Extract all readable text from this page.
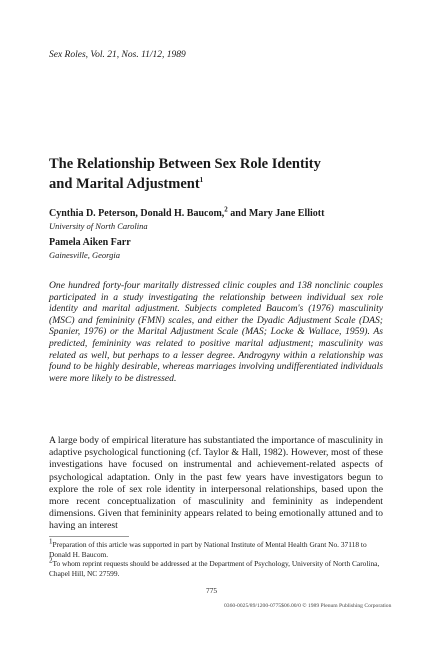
Sex Roles, Vol. 21, Nos. 11/12, 1989
The Relationship Between Sex Role Identity
and Marital Adjustment$^1$
Cynthia D. Peterson, Donald H. Baucom,$^2$ and Mary Jane Elliott
University of North Carolina
Pamela Aiken Farr
Gainesville, Georgia

One hundred forty-four maritally distressed clinic couples and 138 nonclinic couples participated in a study investigating the relationship between individual sex role identity and marital adjustment. Subjects completed Baucom's (1976) masculinity (MSC) and femininity (FMN) scales, and either the Dyadic Adjustment Scale (DAS; Spanier, 1976) or the Marital Adjustment Scale (MAS; Locke & Wallace, 1959). As predicted, femininity was related to positive marital adjustment; masculinity was related as well, but perhaps to a lesser degree. Androgyny within a relationship was found to be highly desirable, whereas marriages involving undifferentiated individuals were more likely to be distressed.

A large body of empirical literature has substantiated the importance of masculinity in adaptive psychological functioning (cf. Taylor & Hall, 1982). However, most of these investigations have focused on instrumental and achievement-related aspects of psychological adaptation. Only in the past few years have investigators begun to explore the role of sex role identity in interpersonal relationships, based upon the more recent conceptualization of masculinity and femininity as independent dimensions. Given that femininity appears related to being emotionally attuned and to having an interest

$^1$Preparation of this article was supported in part by National Institute of Mental Health Grant No. 37118 to Donald H. Baucom.

$^2$To whom reprint requests should be addressed at the Department of Psychology, University of North Carolina, Chapel Hill, NC 27599.

775
0360-0025/89/1200-0775$06.00/0 © 1989 Plenum Publishing Corporation
